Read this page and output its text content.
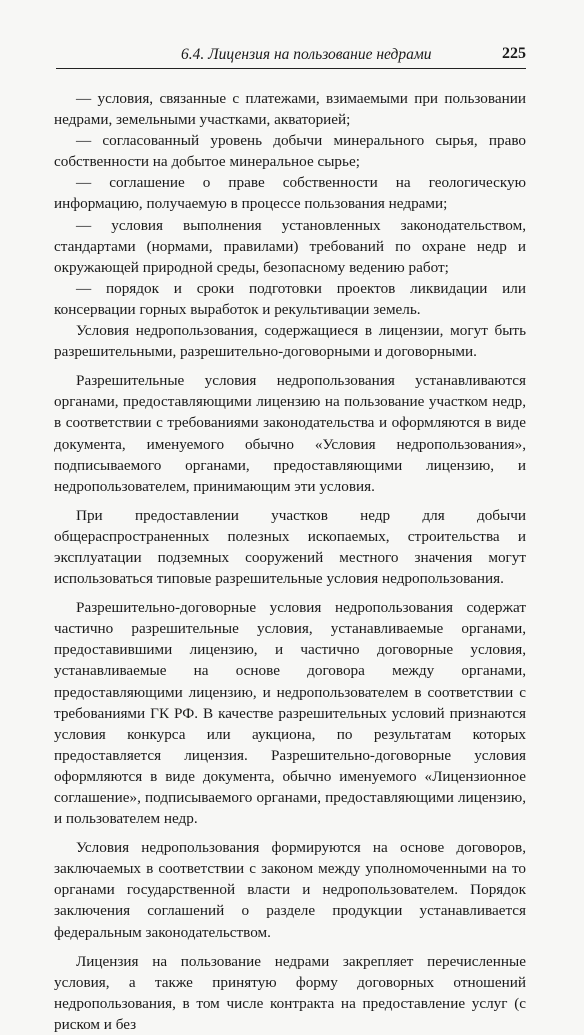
6.4. Лицензия на пользование недрами	225

— условия, связанные с платежами, взимаемыми при пользовании недрами, земельными участками, акваторией;

— согласованный уровень добычи минерального сырья, право собственности на добытое минеральное сырье;

— соглашение о праве собственности на геологическую информацию, получаемую в процессе пользования недрами;

— условия выполнения установленных законодательством, стандартами (нормами, правилами) требований по охране недр и окружающей природной среды, безопасному ведению работ;

— порядок и сроки подготовки проектов ликвидации или консервации горных выработок и рекультивации земель.

Условия недропользования, содержащиеся в лицензии, могут быть разрешительными, разрешительно-договорными и договорными.

Разрешительные условия недропользования устанавливаются органами, предоставляющими лицензию на пользование участком недр, в соответствии с требованиями законодательства и оформляются в виде документа, именуемого обычно «Условия недропользования», подписываемого органами, предоставляющими лицензию, и недропользователем, принимающим эти условия.

При предоставлении участков недр для добычи общераспространенных полезных ископаемых, строительства и эксплуатации подземных сооружений местного значения могут использоваться типовые разрешительные условия недропользования.

Разрешительно-договорные условия недропользования содержат частично разрешительные условия, устанавливаемые органами, предоставившими лицензию, и частично договорные условия, устанавливаемые на основе договора между органами, предоставляющими лицензию, и недропользователем в соответствии с требованиями ГК РФ. В качестве разрешительных условий признаются условия конкурса или аукциона, по результатам которых предоставляется лицензия. Разрешительно-договорные условия оформляются в виде документа, обычно именуемого «Лицензионное соглашение», подписываемого органами, предоставляющими лицензию, и пользователем недр.

Условия недропользования формируются на основе договоров, заключаемых в соответствии с законом между уполномоченными на то органами государственной власти и недропользователем. Порядок заключения соглашений о разделе продукции устанавливается федеральным законодательством.

Лицензия на пользование недрами закрепляет перечисленные условия, а также принятую форму договорных отношений недропользования, в том числе контракта на предоставление услуг (с риском и без
